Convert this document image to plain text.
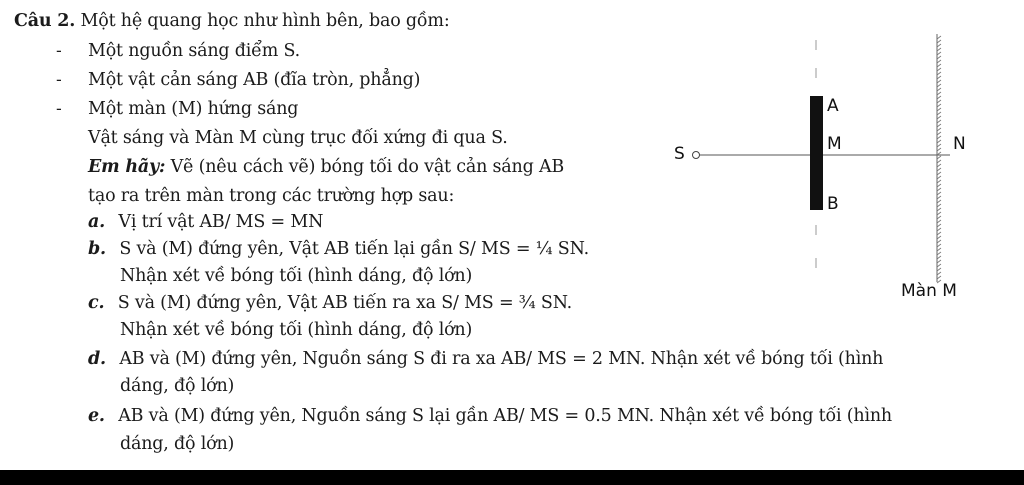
Câu 2. Một hệ quang học như hình bên, bao gồm:
- Một nguồn sáng điểm S.
- Một vật cản sáng AB (đĩa tròn, phẳng)
- Một màn (M) hứng sáng
Vật sáng và Màn M cùng trục đối xứng đi qua S.
Em hãy: Vẽ (nêu cách vẽ) bóng tối do vật cản sáng AB
tạo ra trên màn trong các trường hợp sau:
a. Vị trí vật AB/ MS = MN
b. S và (M) đứng yên, Vật AB tiến lại gần S/ MS = ¼ SN.
Nhận xét về bóng tối (hình dáng, độ lớn)
c. S và (M) đứng yên, Vật AB tiến ra xa S/ MS = ¾ SN.
Nhận xét về bóng tối (hình dáng, độ lớn)
d. AB và (M) đứng yên, Nguồn sáng S đi ra xa AB/ MS = 2 MN. Nhận xét về bóng tối (hình
dáng, độ lớn)
e. AB và (M) đứng yên, Nguồn sáng S lại gần AB/ MS = 0.5 MN. Nhận xét về bóng tối (hình
dáng, độ lớn)
S
A
M
B
N
Màn M
